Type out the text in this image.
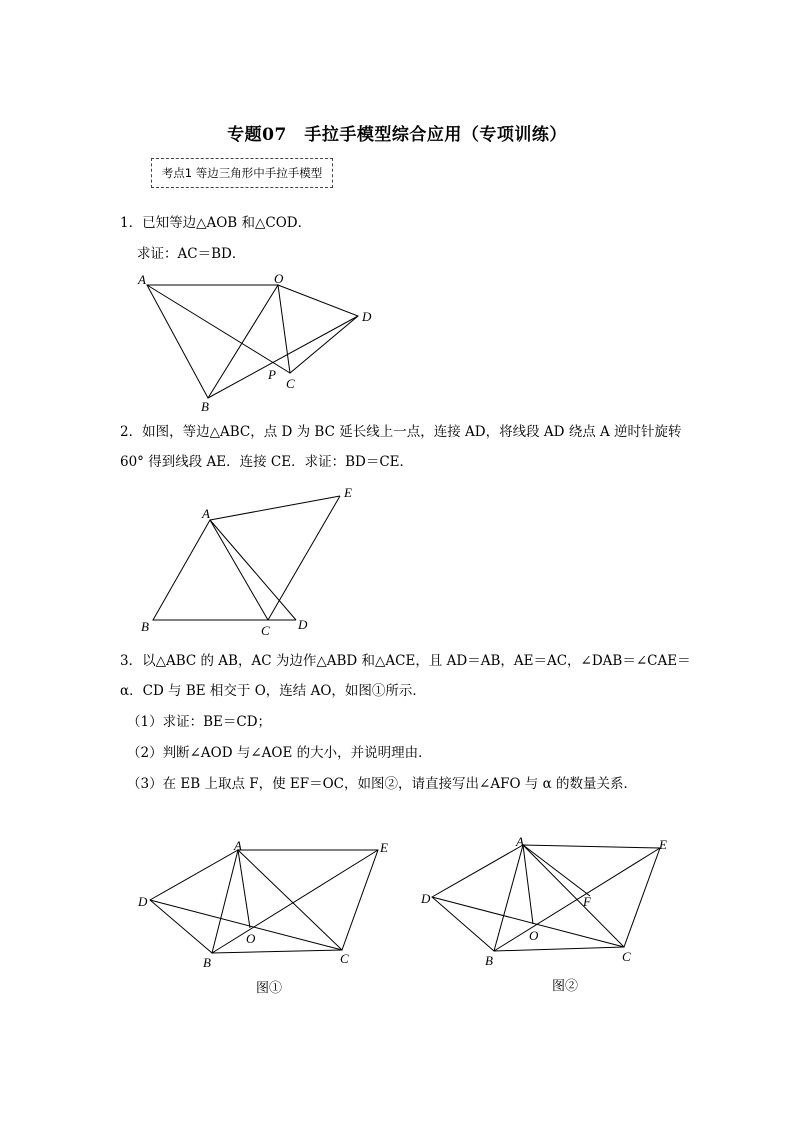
专题07　手拉手模型综合应用（专项训练）
考点1 等边三角形中手拉手模型
1．已知等边△AOB 和△COD．
求证：AC＝BD．
A	O
D
P
C
B
2．如图，等边△ABC，点 D 为 BC 延长线上一点，连接 AD，将线段 AD 绕点 A 逆时针旋转
60° 得到线段 AE．连接 CE．求证：BD＝CE．
A
E
B	C D
3．以△ABC 的 AB，AC 为边作△ABD 和△ACE，且 AD＝AB，AE＝AC，∠DAB＝∠CAE＝
α．CD 与 BE 相交于 O，连结 AO，如图①所示．
（1）求证：BE＝CD；
（2）判断∠AOD 与∠AOE 的大小，并说明理由．
（3）在 EB 上取点 F，使 EF＝OC，如图②，请直接写出∠AFO 与 α 的数量关系．
A	E
D
O
B	C
图①
A	E
D	F
O
B	C
图②
